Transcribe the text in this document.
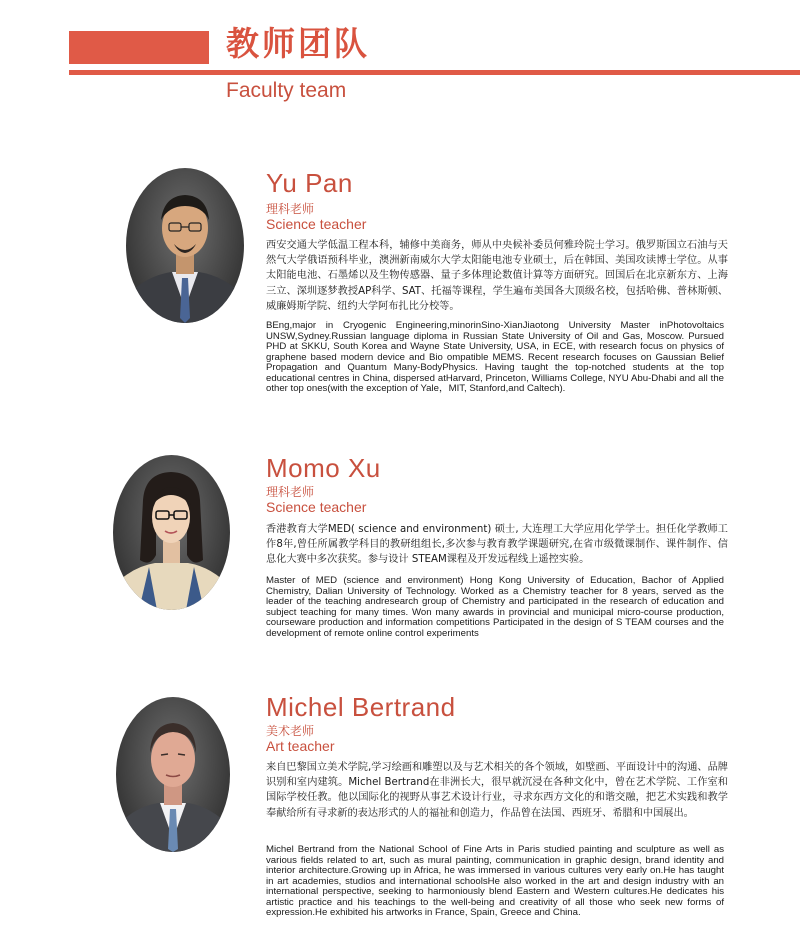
教师团队
Faculty team
Yu Pan
理科老师
Science teacher
西安交通大学低温工程本科，辅修中美商务，师从中央候补委员何雅玲院士学习。俄罗斯国立石油与天然气大学俄语预科毕业，澳洲新南威尔大学太阳能电池专业硕士，后在韩国、美国攻读博士学位。从事太阳能电池、石墨烯以及生物传感器、量子多体理论数值计算等方面研究。回国后在北京新东方、上海三立、深圳逐梦教授AP科学、SAT、托福等课程，学生遍布美国各大顶级名校，包括哈佛、普林斯顿、威廉姆斯学院、纽约大学阿布扎比分校等。
BEng,major in Cryogenic Engineering,minorinSino-XianJiaotong University Master inPhotovoltaics UNSW,Sydney.Russian language diploma in Russian State University of Oil and Gas, Moscow. Pursued PHD at SKKU, South Korea and Wayne State University, USA, in ECE, with research focus on physics of graphene based modern device and Bio ompatible MEMS. Recent research focuses on Gaussian Belief Propagation and Quantum Many-BodyPhysics. Having taught the top-notched students at the top educational centres in China, dispersed atHarvard, Princeton, Williams College, NYU Abu-Dhabi and all the other top ones(with the exception of Yale，MIT, Stanford,and Caltech).
Momo Xu
理科老师
Science teacher
香港教育大学MED( science and environment) 硕士, 大连理工大学应用化学学士。担任化学教师工作8年,曾任所属教学科目的教研组组长,多次参与教育教学课题研究,在省市级微课制作、课件制作、信息化大赛中多次获奖。参与设计 STEAM课程及开发远程线上遥控实验。
Master of MED (science and environment) Hong Kong University of Education, Bachor of Applied Chemistry, Dalian University of Technology. Worked as a Chemistry teacher for 8 years, served as the leader of the teaching andresearch group of Chemistry and participated in the research of education and subject teaching for many times. Won many awards in provincial and municipal micro-course production, courseware production and information competitions Participated in the design of S TEAM courses and the development of remote online control experiments
Michel Bertrand
美术老师
Art teacher
来自巴黎国立美术学院,学习绘画和雕塑以及与艺术相关的各个领域，如壁画、平面设计中的沟通、品牌识别和室内建筑。Michel Bertrand在非洲长大，很早就沉浸在各种文化中，曾在艺术学院、工作室和国际学校任教。他以国际化的视野从事艺术设计行业，寻求东西方文化的和谐交融，把艺术实践和教学奉献给所有寻求新的表达形式的人的福祉和创造力，作品曾在法国、西班牙、希腊和中国展出。
Michel Bertrand from the National School of Fine Arts in Paris studied painting and sculpture as well as various fields related to art, such as mural painting, communication in graphic design, brand identity and interior architecture.Growing up in Africa, he was immersed in various cultures very early on.He has taught in art academies, studios and international schoolsHe also worked in the art and design industry with an international perspective, seeking to harmoniously blend Eastern and Western cultures.He dedicates his artistic practice and his teachings to the well-being and creativity of all those who seek new forms of expression.He exhibited his artworks in France, Spain, Greece and China.
